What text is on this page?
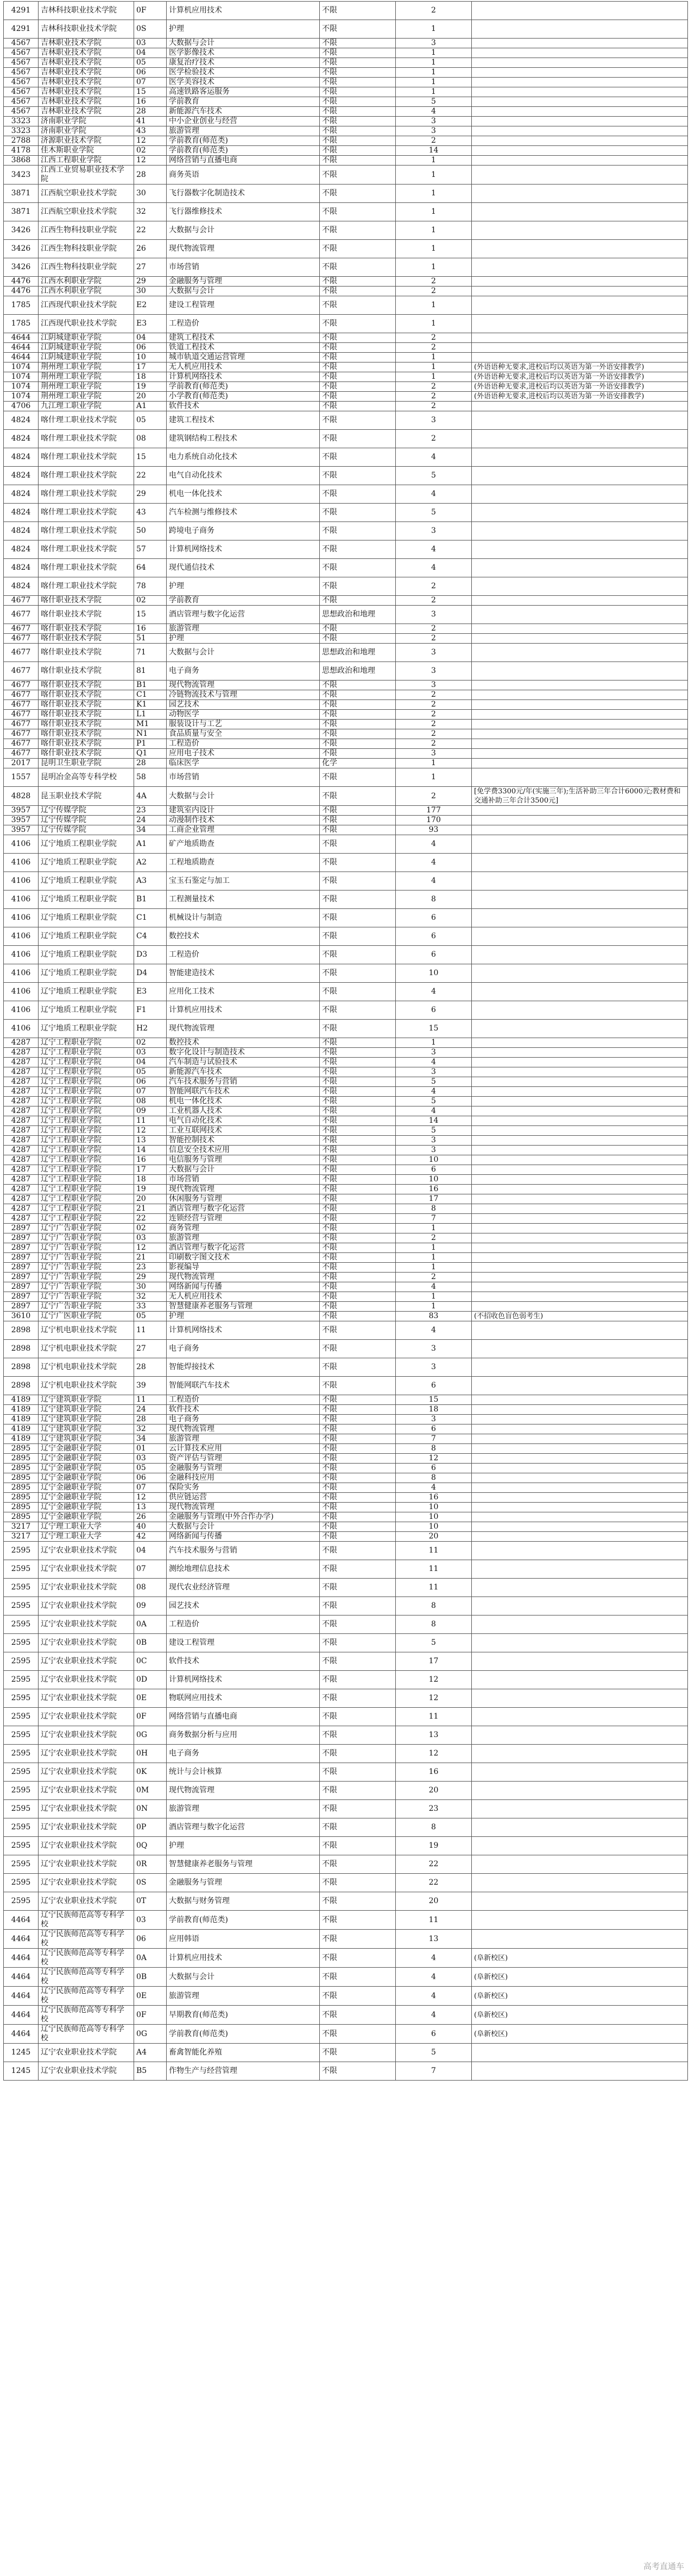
4291	吉林科技职业技术学院	0F	计算机应用技术	不限	2	
4291	吉林科技职业技术学院	0S	护理	不限	1	
4567	吉林职业技术学院	03	大数据与会计	不限	3	
4567	吉林职业技术学院	04	医学影像技术	不限	1	
4567	吉林职业技术学院	05	康复治疗技术	不限	1	
4567	吉林职业技术学院	06	医学检验技术	不限	1	
4567	吉林职业技术学院	07	医学美容技术	不限	1	
4567	吉林职业技术学院	15	高速铁路客运服务	不限	1	
4567	吉林职业技术学院	16	学前教育	不限	5	
4567	吉林职业技术学院	28	新能源汽车技术	不限	4	
3323	济南职业学院	41	中小企业创业与经营	不限	3	
3323	济南职业学院	43	旅游管理	不限	3	
2788	济源职业技术学院	12	学前教育(师范类)	不限	2	
4178	佳木斯职业学院	02	学前教育(师范类)	不限	14	
3868	江西工程职业学院	12	网络营销与直播电商	不限	1	
3423	江西工业贸易职业技术学院	28	商务英语	不限	1	
3871	江西航空职业技术学院	30	飞行器数字化制造技术	不限	1	
3871	江西航空职业技术学院	32	飞行器维修技术	不限	1	
3426	江西生物科技职业学院	22	大数据与会计	不限	1	
3426	江西生物科技职业学院	26	现代物流管理	不限	1	
3426	江西生物科技职业学院	27	市场营销	不限	1	
4476	江西水利职业学院	29	金融服务与管理	不限	2	
4476	江西水利职业学院	30	大数据与会计	不限	2	
1785	江西现代职业技术学院	E2	建设工程管理	不限	1	
1785	江西现代职业技术学院	E3	工程造价	不限	1	
4644	江阴城建职业学院	04	建筑工程技术	不限	2	
4644	江阴城建职业学院	06	铁道工程技术	不限	2	
4644	江阴城建职业学院	10	城市轨道交通运营管理	不限	1	
1074	荆州理工职业学院	17	无人机应用技术	不限	1	(外语语种无要求,进校后均以英语为第一外语安排教学)
1074	荆州理工职业学院	18	计算机网络技术	不限	1	(外语语种无要求,进校后均以英语为第一外语安排教学)
1074	荆州理工职业学院	19	学前教育(师范类)	不限	2	(外语语种无要求,进校后均以英语为第一外语安排教学)
1074	荆州理工职业学院	20	小学教育(师范类)	不限	2	(外语语种无要求,进校后均以英语为第一外语安排教学)
4706	九江理工职业学院	A1	软件技术	不限	2	
4824	喀什理工职业技术学院	05	建筑工程技术	不限	3	
4824	喀什理工职业技术学院	08	建筑钢结构工程技术	不限	2	
4824	喀什理工职业技术学院	15	电力系统自动化技术	不限	4	
4824	喀什理工职业技术学院	22	电气自动化技术	不限	5	
4824	喀什理工职业技术学院	29	机电一体化技术	不限	4	
4824	喀什理工职业技术学院	43	汽车检测与维修技术	不限	5	
4824	喀什理工职业技术学院	50	跨境电子商务	不限	3	
4824	喀什理工职业技术学院	57	计算机网络技术	不限	4	
4824	喀什理工职业技术学院	64	现代通信技术	不限	4	
4824	喀什理工职业技术学院	78	护理	不限	2	
4677	喀什职业技术学院	02	学前教育	不限	2	
4677	喀什职业技术学院	15	酒店管理与数字化运营	思想政治和地理	3	
4677	喀什职业技术学院	16	旅游管理	不限	2	
4677	喀什职业技术学院	51	护理	不限	2	
4677	喀什职业技术学院	71	大数据与会计	思想政治和地理	3	
4677	喀什职业技术学院	81	电子商务	思想政治和地理	3	
4677	喀什职业技术学院	B1	现代物流管理	不限	3	
4677	喀什职业技术学院	C1	冷链物流技术与管理	不限	2	
4677	喀什职业技术学院	K1	园艺技术	不限	2	
4677	喀什职业技术学院	L1	动物医学	不限	2	
4677	喀什职业技术学院	M1	服装设计与工艺	不限	2	
4677	喀什职业技术学院	N1	食品质量与安全	不限	2	
4677	喀什职业技术学院	P1	工程造价	不限	2	
4677	喀什职业技术学院	Q1	应用电子技术	不限	3	
2017	昆明卫生职业学院	28	临床医学	化学	1	
1557	昆明冶金高等专科学校	58	市场营销	不限	1	
4828	昆玉职业技术学院	4A	大数据与会计	不限	2	[免学费3300元/年(实施三年);生活补助三年合计6000元;教材费和交通补助三年合计3500元]
3957	辽宁传媒学院	23	建筑室内设计	不限	177	
3957	辽宁传媒学院	24	动漫制作技术	不限	170	
3957	辽宁传媒学院	34	工商企业管理	不限	93	
4106	辽宁地质工程职业学院	A1	矿产地质勘查	不限	4	
4106	辽宁地质工程职业学院	A2	工程地质勘查	不限	4	
4106	辽宁地质工程职业学院	A3	宝玉石鉴定与加工	不限	4	
4106	辽宁地质工程职业学院	B1	工程测量技术	不限	8	
4106	辽宁地质工程职业学院	C1	机械设计与制造	不限	6	
4106	辽宁地质工程职业学院	C4	数控技术	不限	6	
4106	辽宁地质工程职业学院	D3	工程造价	不限	6	
4106	辽宁地质工程职业学院	D4	智能建造技术	不限	10	
4106	辽宁地质工程职业学院	E3	应用化工技术	不限	4	
4106	辽宁地质工程职业学院	F1	计算机应用技术	不限	6	
4106	辽宁地质工程职业学院	H2	现代物流管理	不限	15	
4287	辽宁工程职业学院	02	数控技术	不限	1	
4287	辽宁工程职业学院	03	数字化设计与制造技术	不限	3	
4287	辽宁工程职业学院	04	汽车制造与试验技术	不限	4	
4287	辽宁工程职业学院	05	新能源汽车技术	不限	3	
4287	辽宁工程职业学院	06	汽车技术服务与营销	不限	5	
4287	辽宁工程职业学院	07	智能网联汽车技术	不限	4	
4287	辽宁工程职业学院	08	机电一体化技术	不限	5	
4287	辽宁工程职业学院	09	工业机器人技术	不限	4	
4287	辽宁工程职业学院	11	电气自动化技术	不限	14	
4287	辽宁工程职业学院	12	工业互联网技术	不限	5	
4287	辽宁工程职业学院	13	智能控制技术	不限	3	
4287	辽宁工程职业学院	14	信息安全技术应用	不限	3	
4287	辽宁工程职业学院	16	电信服务与管理	不限	10	
4287	辽宁工程职业学院	17	大数据与会计	不限	6	
4287	辽宁工程职业学院	18	市场营销	不限	10	
4287	辽宁工程职业学院	19	现代物流管理	不限	16	
4287	辽宁工程职业学院	20	休闲服务与管理	不限	17	
4287	辽宁工程职业学院	21	酒店管理与数字化运营	不限	8	
4287	辽宁工程职业学院	22	连锁经营与管理	不限	7	
2897	辽宁广告职业学院	02	商务管理	不限	1	
2897	辽宁广告职业学院	03	旅游管理	不限	2	
2897	辽宁广告职业学院	12	酒店管理与数字化运营	不限	1	
2897	辽宁广告职业学院	21	印刷数字图文技术	不限	1	
2897	辽宁广告职业学院	23	影视编导	不限	1	
2897	辽宁广告职业学院	29	现代物流管理	不限	2	
2897	辽宁广告职业学院	30	网络新闻与传播	不限	4	
2897	辽宁广告职业学院	32	无人机应用技术	不限	1	
2897	辽宁广告职业学院	33	智慧健康养老服务与管理	不限	1	
3610	辽宁广医职业学院	05	护理	不限	83	(不招收色盲色弱考生)
2898	辽宁机电职业技术学院	11	计算机网络技术	不限	4	
2898	辽宁机电职业技术学院	27	电子商务	不限	3	
2898	辽宁机电职业技术学院	28	智能焊接技术	不限	3	
2898	辽宁机电职业技术学院	39	智能网联汽车技术	不限	6	
4189	辽宁建筑职业学院	11	工程造价	不限	15	
4189	辽宁建筑职业学院	24	软件技术	不限	18	
4189	辽宁建筑职业学院	28	电子商务	不限	3	
4189	辽宁建筑职业学院	32	现代物流管理	不限	6	
4189	辽宁建筑职业学院	34	旅游管理	不限	7	
2895	辽宁金融职业学院	01	云计算技术应用	不限	8	
2895	辽宁金融职业学院	03	资产评估与管理	不限	12	
2895	辽宁金融职业学院	05	金融服务与管理	不限	6	
2895	辽宁金融职业学院	06	金融科技应用	不限	8	
2895	辽宁金融职业学院	07	保险实务	不限	4	
2895	辽宁金融职业学院	12	供应链运营	不限	16	
2895	辽宁金融职业学院	13	现代物流管理	不限	10	
2895	辽宁金融职业学院	26	金融服务与管理(中外合作办学)	不限	10	
3217	辽宁理工职业大学	40	大数据与会计	不限	10	
3217	辽宁理工职业大学	42	网络新闻与传播	不限	20	
2595	辽宁农业职业技术学院	04	汽车技术服务与营销	不限	11	
2595	辽宁农业职业技术学院	07	测绘地理信息技术	不限	11	
2595	辽宁农业职业技术学院	08	现代农业经济管理	不限	11	
2595	辽宁农业职业技术学院	09	园艺技术	不限	8	
2595	辽宁农业职业技术学院	0A	工程造价	不限	8	
2595	辽宁农业职业技术学院	0B	建设工程管理	不限	5	
2595	辽宁农业职业技术学院	0C	软件技术	不限	17	
2595	辽宁农业职业技术学院	0D	计算机网络技术	不限	12	
2595	辽宁农业职业技术学院	0E	物联网应用技术	不限	12	
2595	辽宁农业职业技术学院	0F	网络营销与直播电商	不限	11	
2595	辽宁农业职业技术学院	0G	商务数据分析与应用	不限	13	
2595	辽宁农业职业技术学院	0H	电子商务	不限	12	
2595	辽宁农业职业技术学院	0K	统计与会计核算	不限	16	
2595	辽宁农业职业技术学院	0M	现代物流管理	不限	20	
2595	辽宁农业职业技术学院	0N	旅游管理	不限	23	
2595	辽宁农业职业技术学院	0P	酒店管理与数字化运营	不限	8	
2595	辽宁农业职业技术学院	0Q	护理	不限	19	
2595	辽宁农业职业技术学院	0R	智慧健康养老服务与管理	不限	22	
2595	辽宁农业职业技术学院	0S	金融服务与管理	不限	22	
2595	辽宁农业职业技术学院	0T	大数据与财务管理	不限	20	
4464	辽宁民族师范高等专科学校	03	学前教育(师范类)	不限	11	
4464	辽宁民族师范高等专科学校	06	应用韩语	不限	13	
4464	辽宁民族师范高等专科学校	0A	计算机应用技术	不限	4	(阜新校区)
4464	辽宁民族师范高等专科学校	0B	大数据与会计	不限	4	(阜新校区)
4464	辽宁民族师范高等专科学校	0E	旅游管理	不限	4	(阜新校区)
4464	辽宁民族师范高等专科学校	0F	早期教育(师范类)	不限	4	(阜新校区)
4464	辽宁民族师范高等专科学校	0G	学前教育(师范类)	不限	6	(阜新校区)
1245	辽宁农业职业技术学院	A4	畜禽智能化养殖	不限	5	
1245	辽宁农业职业技术学院	B5	作物生产与经营管理	不限	7	
高考直通车
